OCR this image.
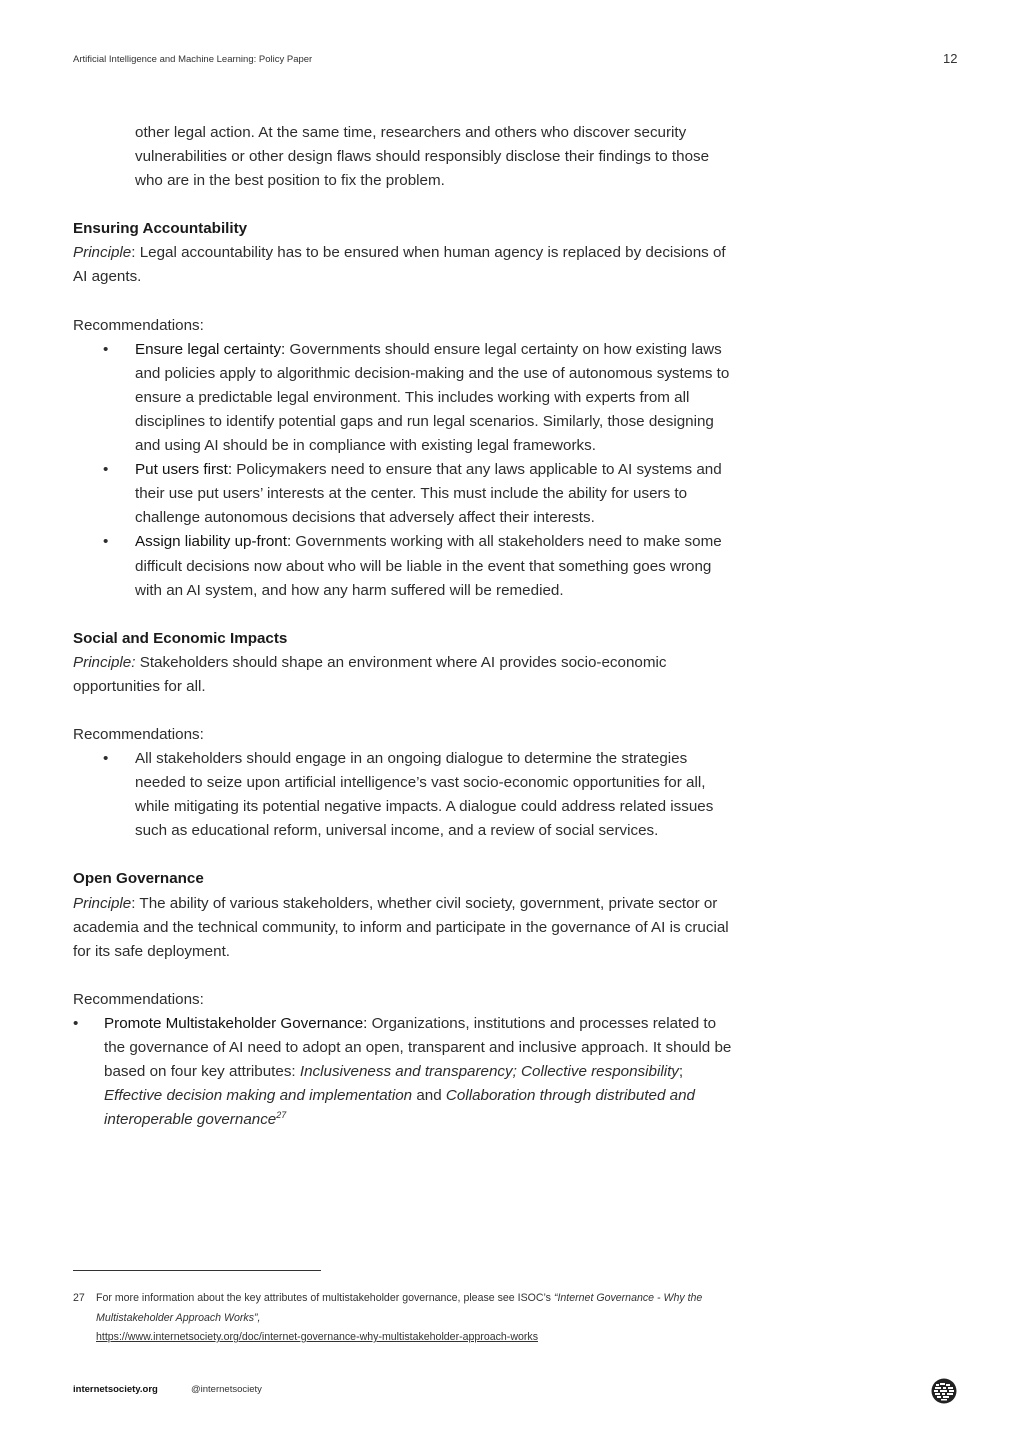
Artificial Intelligence and Machine Learning: Policy Paper	12
other legal action. At the same time, researchers and others who discover security vulnerabilities or other design flaws should responsibly disclose their findings to those who are in the best position to fix the problem.
Ensuring Accountability
Principle: Legal accountability has to be ensured when human agency is replaced by decisions of AI agents.
Recommendations:
• Ensure legal certainty: Governments should ensure legal certainty on how existing laws and policies apply to algorithmic decision-making and the use of autonomous systems to ensure a predictable legal environment. This includes working with experts from all disciplines to identify potential gaps and run legal scenarios. Similarly, those designing and using AI should be in compliance with existing legal frameworks.
• Put users first: Policymakers need to ensure that any laws applicable to AI systems and their use put users’ interests at the center. This must include the ability for users to challenge autonomous decisions that adversely affect their interests.
• Assign liability up-front: Governments working with all stakeholders need to make some difficult decisions now about who will be liable in the event that something goes wrong with an AI system, and how any harm suffered will be remedied.
Social and Economic Impacts
Principle: Stakeholders should shape an environment where AI provides socio-economic opportunities for all.
Recommendations:
• All stakeholders should engage in an ongoing dialogue to determine the strategies needed to seize upon artificial intelligence’s vast socio-economic opportunities for all, while mitigating its potential negative impacts. A dialogue could address related issues such as educational reform, universal income, and a review of social services.
Open Governance
Principle: The ability of various stakeholders, whether civil society, government, private sector or academia and the technical community, to inform and participate in the governance of AI is crucial for its safe deployment.
Recommendations:
• Promote Multistakeholder Governance: Organizations, institutions and processes related to the governance of AI need to adopt an open, transparent and inclusive approach. It should be based on four key attributes: Inclusiveness and transparency; Collective responsibility; Effective decision making and implementation and Collaboration through distributed and interoperable governance$^{27}$
27	For more information about the key attributes of multistakeholder governance, please see ISOC’s “Internet Governance - Why the Multistakeholder Approach Works”,
https://www.internetsociety.org/doc/internet-governance-why-multistakeholder-approach-works
internetsociety.org	@internetsociety
